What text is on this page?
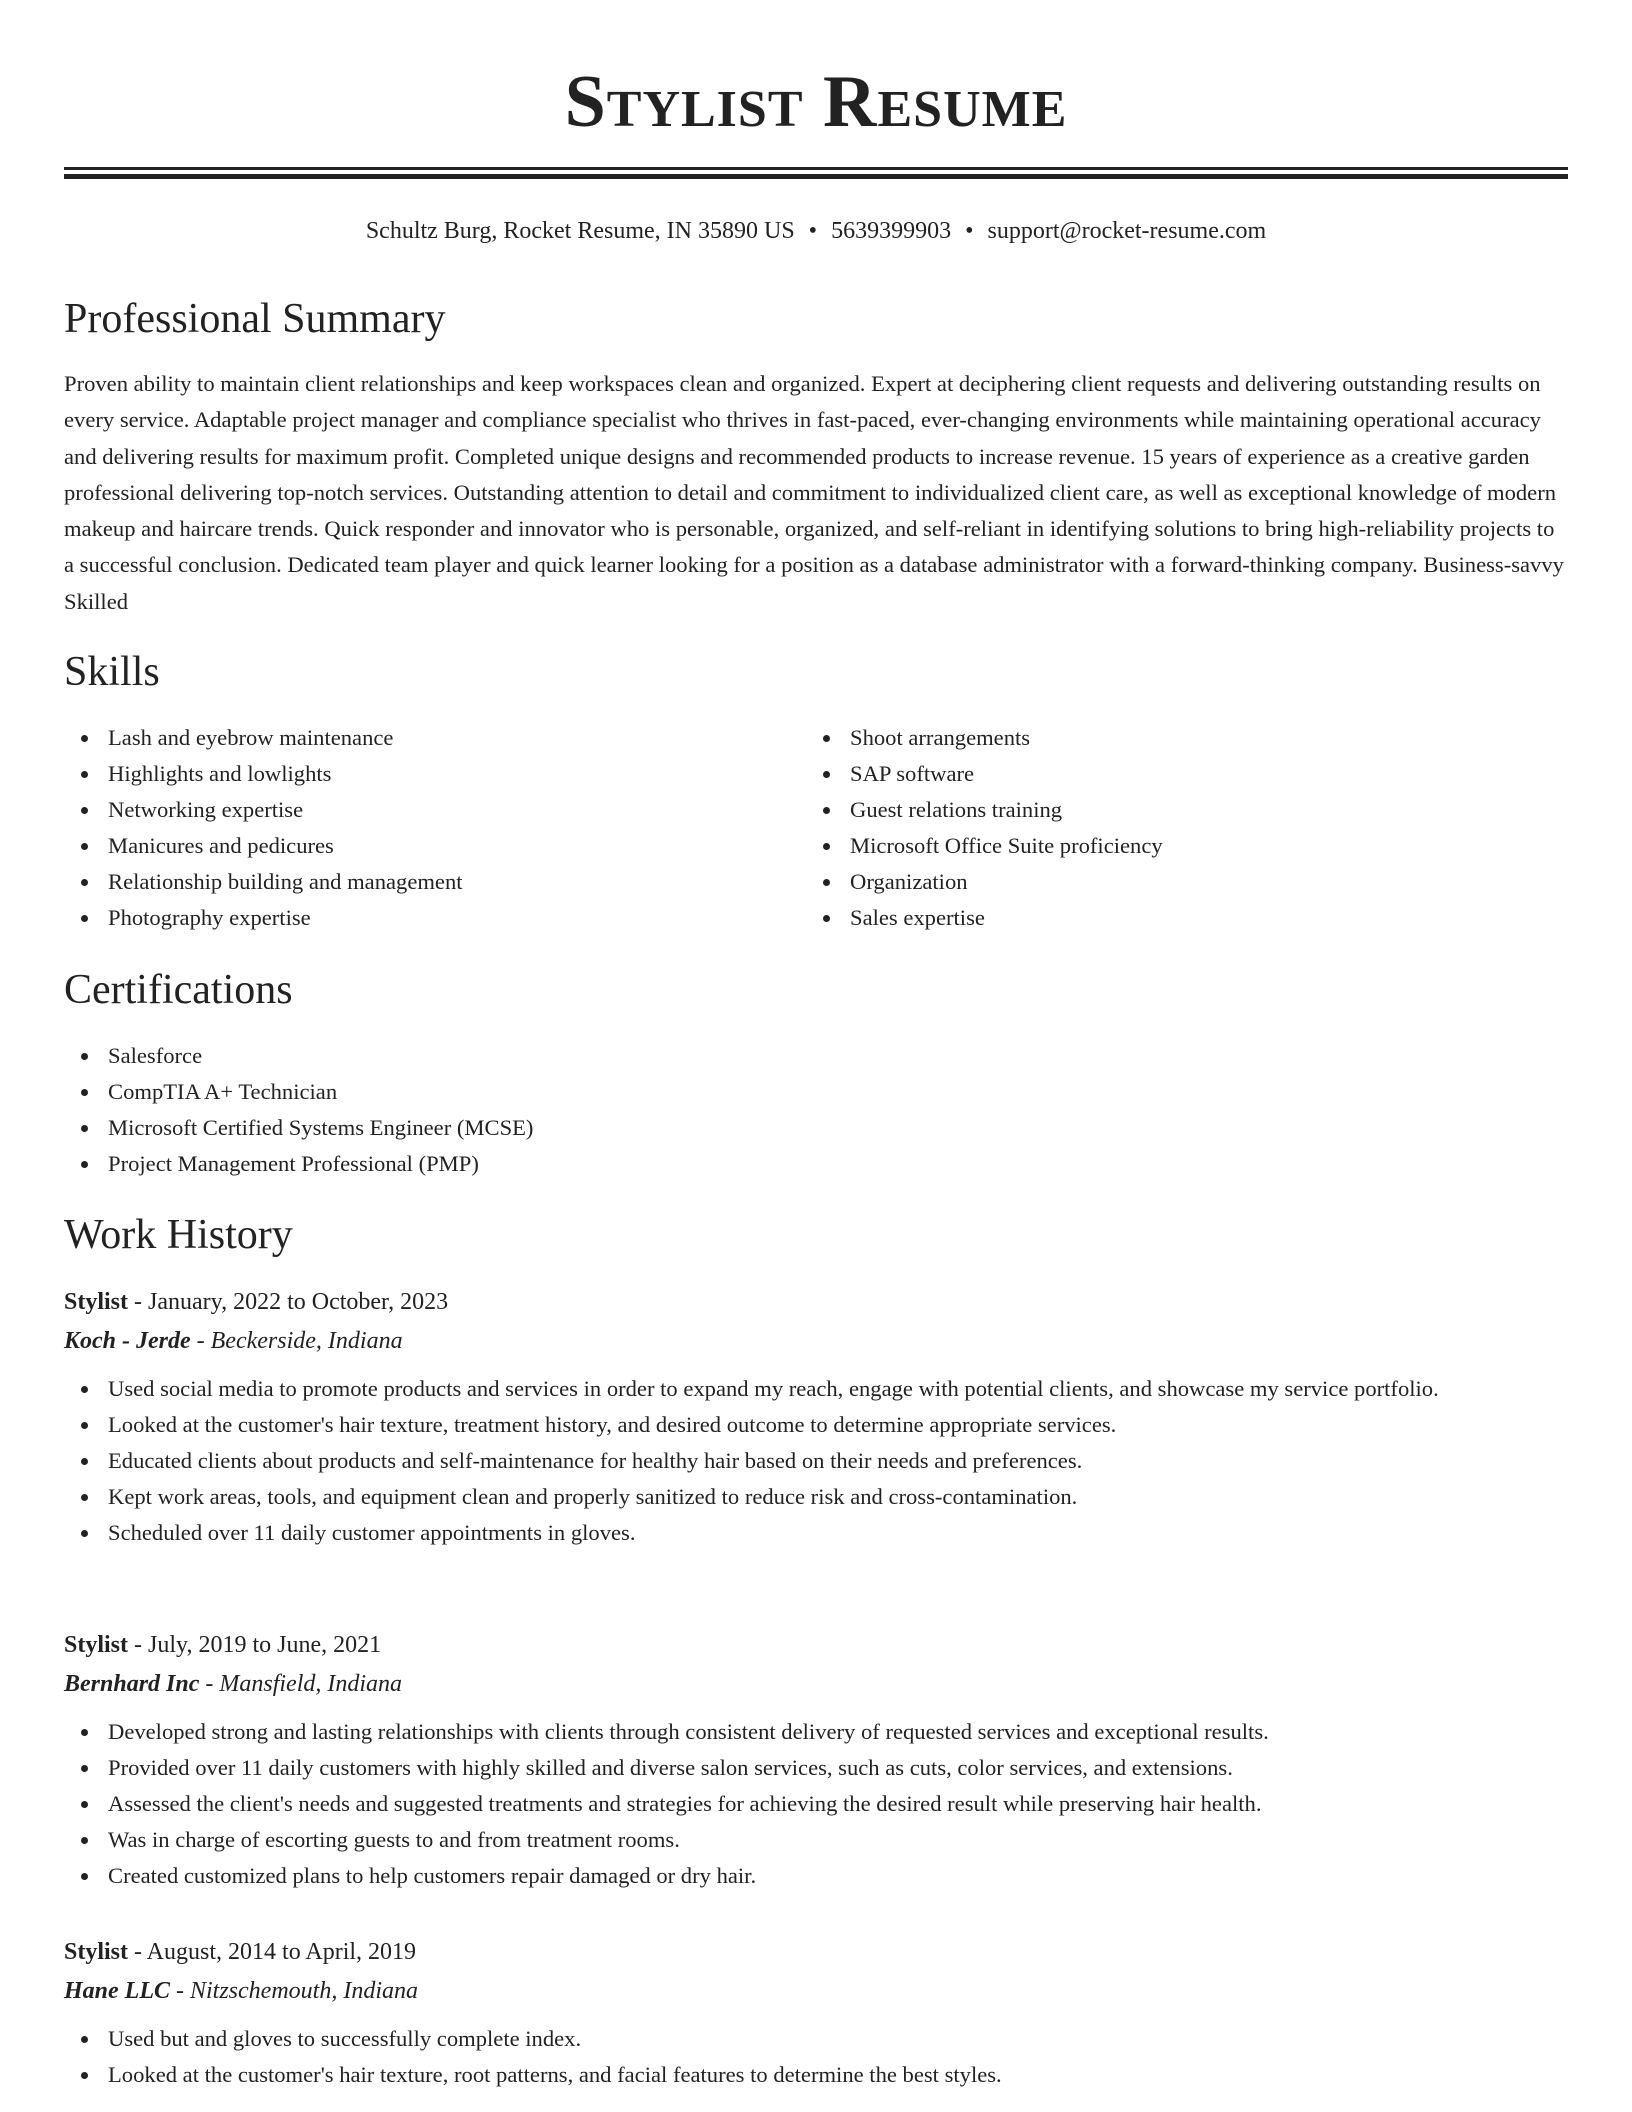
Stylist Resume
Schultz Burg, Rocket Resume, IN 35890 US • 5639399903 • support@rocket-resume.com
Professional Summary

Proven ability to maintain client relationships and keep workspaces clean and organized. Expert at deciphering client requests and delivering outstanding results on every service. Adaptable project manager and compliance specialist who thrives in fast-paced, ever-changing environments while maintaining operational accuracy and delivering results for maximum profit. Completed unique designs and recommended products to increase revenue. 15 years of experience as a creative garden professional delivering top-notch services. Outstanding attention to detail and commitment to individualized client care, as well as exceptional knowledge of modern makeup and haircare trends. Quick responder and innovator who is personable, organized, and self-reliant in identifying solutions to bring high-reliability projects to a successful conclusion. Dedicated team player and quick learner looking for a position as a database administrator with a forward-thinking company. Business-savvy Skilled

Skills
Lash and eyebrow maintenance
Highlights and lowlights
Networking expertise
Manicures and pedicures
Relationship building and management
Photography expertise
Shoot arrangements
SAP software
Guest relations training
Microsoft Office Suite proficiency
Organization
Sales expertise
Certifications
Salesforce
CompTIA A+ Technician
Microsoft Certified Systems Engineer (MCSE)
Project Management Professional (PMP)
Work History

Stylist - January, 2022 to October, 2023

Koch - Jerde - Beckerside, Indiana

Used social media to promote products and services in order to expand my reach, engage with potential clients, and showcase my service portfolio.
Looked at the customer's hair texture, treatment history, and desired outcome to determine appropriate services.
Educated clients about products and self-maintenance for healthy hair based on their needs and preferences.
Kept work areas, tools, and equipment clean and properly sanitized to reduce risk and cross-contamination.
Scheduled over 11 daily customer appointments in gloves.

Stylist - July, 2019 to June, 2021

Bernhard Inc - Mansfield, Indiana

Developed strong and lasting relationships with clients through consistent delivery of requested services and exceptional results.
Provided over 11 daily customers with highly skilled and diverse salon services, such as cuts, color services, and extensions.
Assessed the client's needs and suggested treatments and strategies for achieving the desired result while preserving hair health.
Was in charge of escorting guests to and from treatment rooms.
Created customized plans to help customers repair damaged or dry hair.

Stylist - August, 2014 to April, 2019

Hane LLC - Nitzschemouth, Indiana

Used but and gloves to successfully complete index.
Looked at the customer's hair texture, root patterns, and facial features to determine the best styles.
